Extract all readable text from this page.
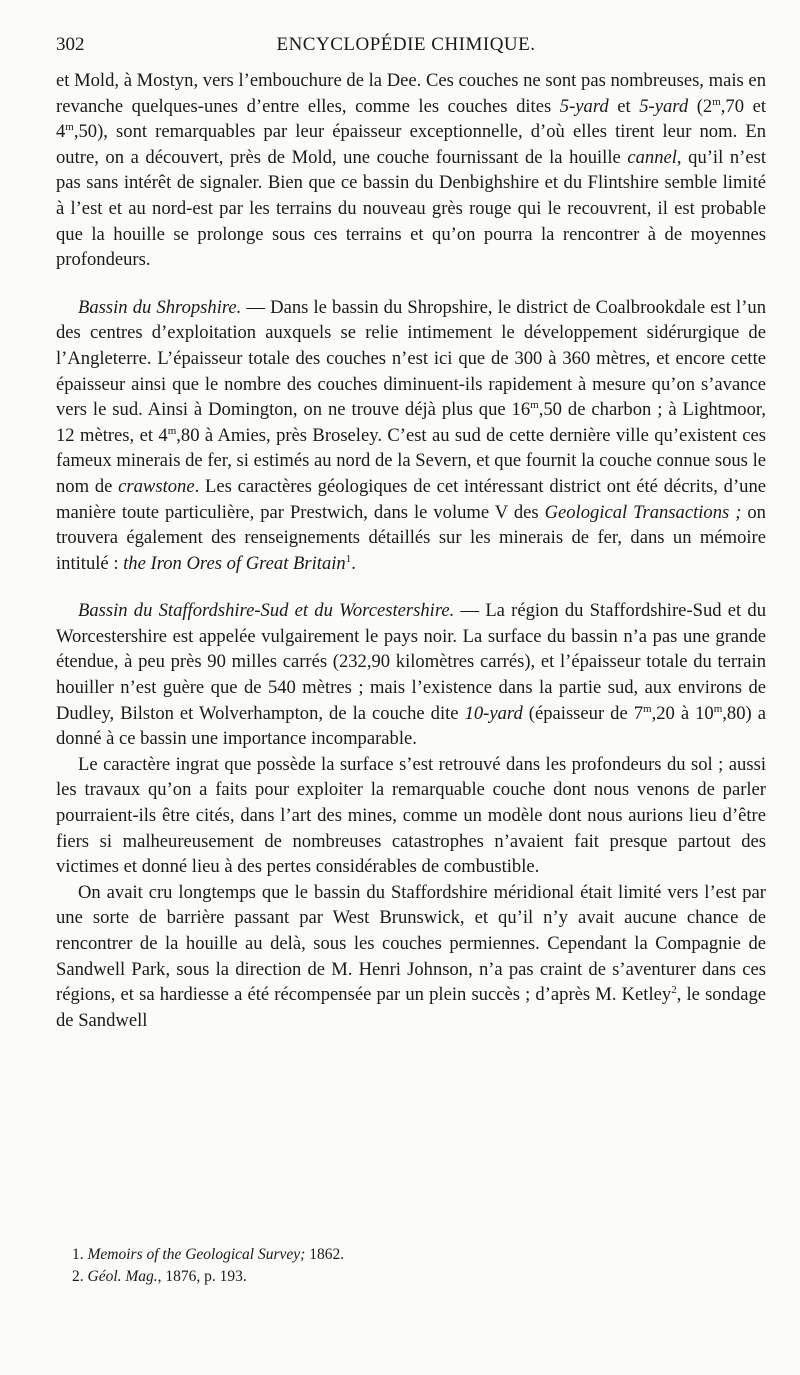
302	ENCYCLOPÉDIE CHIMIQUE.

et Mold, à Mostyn, vers l’embouchure de la Dee. Ces couches ne sont pas nombreuses, mais en revanche quelques-unes d’entre elles, comme les couches dites 5-yard et 5-yard (2$^m$,70 et 4$^m$,50), sont remarquables par leur épaisseur exceptionnelle, d’où elles tirent leur nom. En outre, on a découvert, près de Mold, une couche fournissant de la houille cannel, qu’il n’est pas sans intérêt de signaler. Bien que ce bassin du Denbighshire et du Flintshire semble limité à l’est et au nord-est par les terrains du nouveau grès rouge qui le recouvrent, il est probable que la houille se prolonge sous ces terrains et qu’on pourra la rencontrer à de moyennes profondeurs.

Bassin du Shropshire. — Dans le bassin du Shropshire, le district de Coalbrookdale est l’un des centres d’exploitation auxquels se relie intimement le développement sidérurgique de l’Angleterre. L’épaisseur totale des couches n’est ici que de 300 à 360 mètres, et encore cette épaisseur ainsi que le nombre des couches diminuent-ils rapidement à mesure qu’on s’avance vers le sud. Ainsi à Domington, on ne trouve déjà plus que 16$^m$,50 de charbon ; à Lightmoor, 12 mètres, et 4$^m$,80 à Amies, près Broseley. C’est au sud de cette dernière ville qu’existent ces fameux minerais de fer, si estimés au nord de la Severn, et que fournit la couche connue sous le nom de crawstone. Les caractères géologiques de cet intéressant district ont été décrits, d’une manière toute particulière, par Prestwich, dans le volume V des Geological Transactions ; on trouvera également des renseignements détaillés sur les minerais de fer, dans un mémoire intitulé : the Iron Ores of Great Britain$^1$.

Bassin du Staffordshire-Sud et du Worcestershire. — La région du Staffordshire-Sud et du Worcestershire est appelée vulgairement le pays noir. La surface du bassin n’a pas une grande étendue, à peu près 90 milles carrés (232,90 kilomètres carrés), et l’épaisseur totale du terrain houiller n’est guère que de 540 mètres ; mais l’existence dans la partie sud, aux environs de Dudley, Bilston et Wolverhampton, de la couche dite 10-yard (épaisseur de 7$^m$,20 à 10$^m$,80) a donné à ce bassin une importance incomparable.

Le caractère ingrat que possède la surface s’est retrouvé dans les profondeurs du sol ; aussi les travaux qu’on a faits pour exploiter la remarquable couche dont nous venons de parler pourraient-ils être cités, dans l’art des mines, comme un modèle dont nous aurions lieu d’être fiers si malheureusement de nombreuses catastrophes n’avaient fait presque partout des victimes et donné lieu à des pertes considérables de combustible.

On avait cru longtemps que le bassin du Staffordshire méridional était limité vers l’est par une sorte de barrière passant par West Brunswick, et qu’il n’y avait aucune chance de rencontrer de la houille au delà, sous les couches permiennes. Cependant la Compagnie de Sandwell Park, sous la direction de M. Henri Johnson, n’a pas craint de s’aventurer dans ces régions, et sa hardiesse a été récompensée par un plein succès ; d’après M. Ketley$^2$, le sondage de Sandwell

1. Memoirs of the Geological Survey; 1862.
2. Géol. Mag., 1876, p. 193.
